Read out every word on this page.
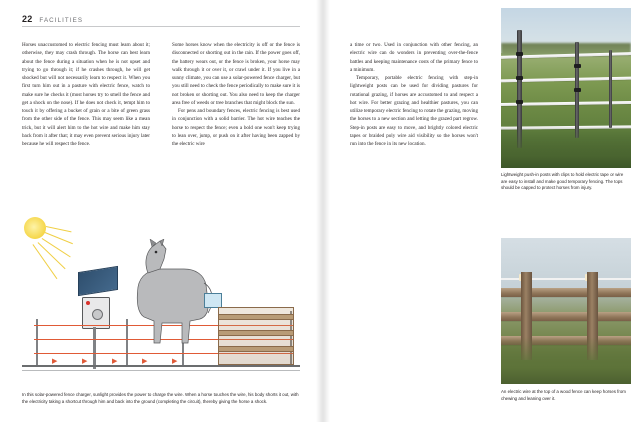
22 FACILITIES

Horses unaccustomed to electric fencing must learn about it; otherwise, they may crash through. The horse can best learn about the fence during a situation when he is not upset and trying to go through it; if he crashes through, he will get shocked but will not necessarily learn to respect it. When you first turn him out in a pasture with electric fence, watch to make sure he checks it (most horses try to smell the fence and get a shock on the nose). If he does not check it, tempt him to touch it by offering a bucket of grain or a bite of green grass from the other side of the fence. This may seem like a mean trick, but it will alert him to the hot wire and make him stay back from it after that; it may even prevent serious injury later because he will respect the fence.

Some horses know when the electricity is off or the fence is disconnected or shorting out in the rain. If the power goes off, the battery wears out, or the fence is broken, your horse may walk through it or over it, or crawl under it. If you live in a sunny climate, you can use a solar-powered fence charger, but you still need to check the fence periodically to make sure it is not broken or shorting out. You also need to keep the charger area free of weeds or tree branches that might block the sun.

For pens and boundary fences, electric fencing is best used in conjunction with a solid barrier. The hot wire teaches the horse to respect the fence; even a bold one won't keep trying to lean over, jump, or push on it after having been zapped by the electric wire

▶	▶	▶	▶	▶
In this solar-powered fence charger, sunlight provides the power to charge the wire. When a horse touches the wire, his body shorts it out, with the electricity taking a shortcut through him and back into the ground (completing the circuit), thereby giving the horse a shock.

a time or two. Used in conjunction with other fencing, an electric wire can do wonders in preventing over-the-fence battles and keeping maintenance costs of the primary fence to a minimum.

Temporary, portable electric fencing with step-in lightweight posts can be used for dividing pastures for rotational grazing, if horses are accustomed to and respect a hot wire. For better grazing and healthier pastures, you can utilize temporary electric fencing to rotate the grazing, moving the horses to a new section and letting the grazed part regrow. Step-in posts are easy to move, and brightly colored electric tapes or braided poly wire aid visibility so the horses won't run into the fence in its new location.

Lightweight push-in posts with clips to hold electric tape or wire are easy to install and make good temporary fencing. The tops should be capped to protect horses from injury.
An electric wire at the top of a wood fence can keep horses from chewing and leaning over it.
